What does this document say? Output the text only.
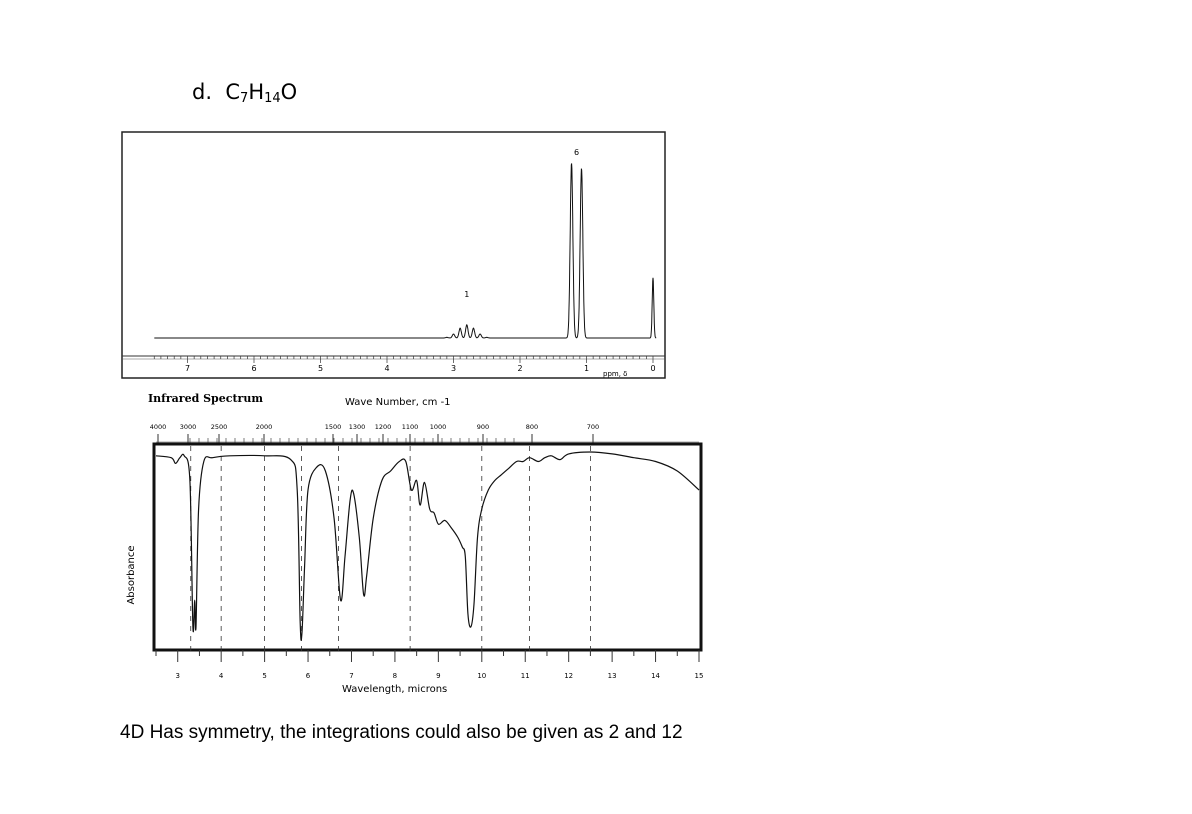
d. $C_7H_{14}O$
7	6	5	4	3	2	1	0
1
6
ppm, δ
Infrared Spectrum	Wave Number, cm -1
4000 3000 2500	2000	1500 1300 1200 1100 1000	900	800	700
3	4	5	6	7	8	9	10	11	12	13	14	15
Wavelength, microns
Absorbance
4D Has symmetry, the integrations could also be given as 2 and 12
